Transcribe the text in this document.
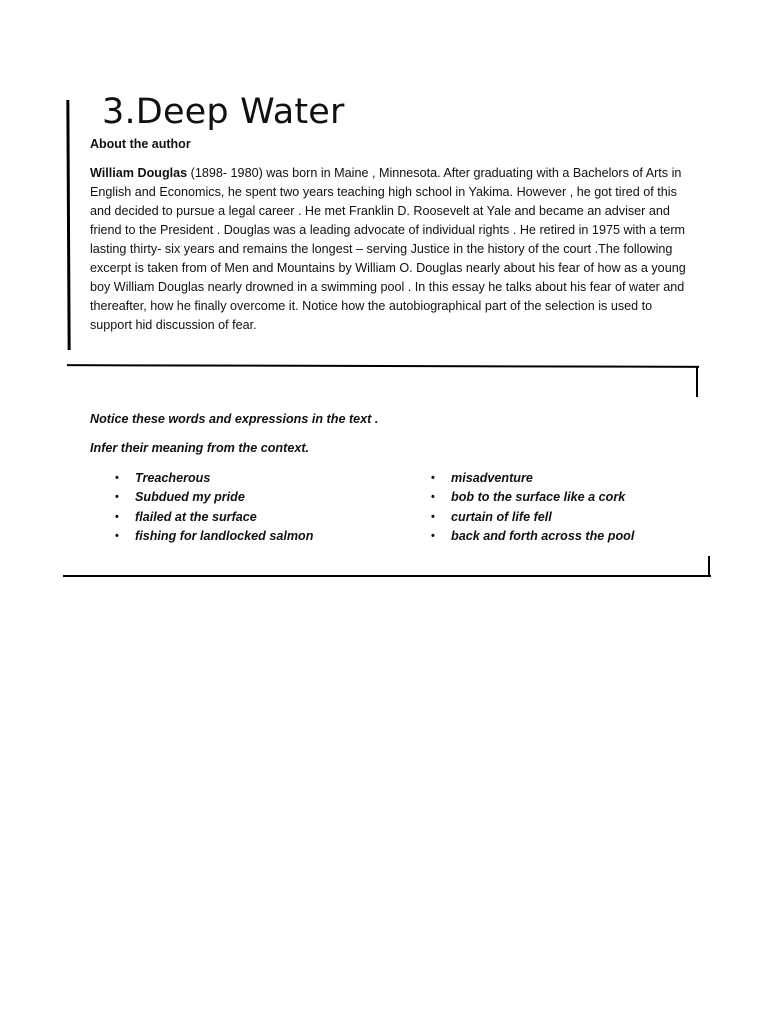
3.Deep Water
About the author

William Douglas (1898- 1980) was born in Maine , Minnesota. After graduating with a Bachelors of Arts in English and Economics, he spent two years teaching high school in Yakima. However , he got tired of this and decided to pursue a legal career . He met Franklin D. Roosevelt at Yale and became an adviser and friend to the President . Douglas was a leading advocate of individual rights . He retired in 1975 with a term lasting thirty- six years and remains the longest – serving Justice in the history of the court .The following excerpt is taken from of Men and Mountains by William O. Douglas nearly about his fear of how as a young boy William Douglas nearly drowned in a swimming pool . In this essay he talks about his fear of water and thereafter, how he finally overcome it. Notice how the autobiographical part of the selection is used to support hid discussion of fear.

Notice these words and expressions in the text .

Infer their meaning from the context.

• Treacherous
• Subdued my pride
• flailed at the surface
• fishing for landlocked salmon
• misadventure
• bob to the surface like a cork
• curtain of life fell
• back and forth across the pool
